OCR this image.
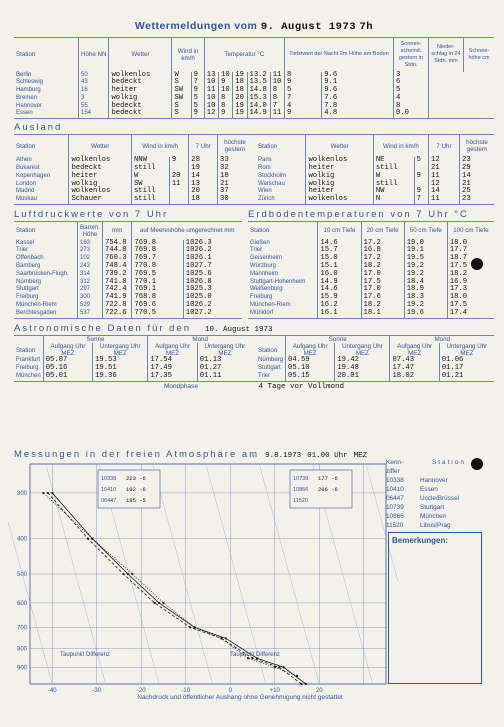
Wettermeldungen vom 9. August 1973 7h
Station	Höhe NN	Wetter	Wind in km/h		Temperatur °C					Tiefstwert der Nacht 2m Höhe am Boden		Sonnen-scheind. gestern in Stdn.	Nieder-schlag in 24 Stdn. mm	Schnee-höhe cm
Berlin	50	wolkenlos	W	9	13	10	19	13.2	11	8	9.6	3		
Schleswig	43	bedeckt	S	7	10	9	18	13.5	10	9	9.1	6		
Hamburg	16	heiter	SW	9	11	10	18	14.8	8	5	9.6	5		
Bremen	3	wolkig	SW	5	10	8	20	15.3	8	7	7.6	4		
Hannover	55	bedeckt	S	5	10	8	19	14.0	7	4	7.8	8		
Essen	154	bedeckt	S	9	12	9	19	14.9	11	9	4.8	0.0		
Ausland
Station	Wetter	Wind in km/h		7 Uhr	höchste gestern
Athen	wolkenlos	NNW	9	28	33
Bukarest	bedeckt	still		19	32
Kopenhagen	heiter	W	20	14	18
London	wolkig	SW	11	13	21
Madrid	wolkenlos	still		20	37
Moskau	Schauer	still		18	30
Station	Wetter	Wind in km/h		7 Uhr	höchste gestern
Paris	wolkenlos	NE	5	12	23
Rom	heiter	still		21	29
Stockholm	wolkig	W	9	11	14
Warschau	wolkig	still		12	21
Wien	heiter	NW	9	14	25
Zürich	wolkenlos	N	7	11	23
Luftdruckwerte von 7 Uhr
Station	Barom. Höhe	mm	auf Meereshöhe umgerechnet mm	
Kassel	163	754.8	769.8	1026.3
Trier	273	744.8	769.8	1026.2
Offenbach	102	760.3	769.7	1026.1
Bamberg	243	748.4	770.8	1027.7
Saarbrücken-Flugh.	314	739.2	769.5	1025.6
Nürnberg	312	741.8	770.1	1026.8
Stuttgart	297	742.4	769.1	1025.3
Freiburg	300	741.9	768.8	1025.0
München-Riem	529	722.8	769.6	1026.2
Berchtesgaden	537	722.6	770.5	1027.2
Erdbodentemperaturen von 7 Uhr °C
Station	10 cm Tiefe	20 cm Tiefe	50 cm Tiefe	100 cm Tiefe
Gießen	14.6	17.2	19.0	18.0
Trier	15.7	16.8	19.1	17.7
Geisenheim	15.0	17.2	19.5	18.7
Würzburg	15.1	18.2	19.2	17.5
Mannheim	16.0	17.0	19.2	18.2
Stuttgart-Hohenheim	14.9	17.5	18.4	16.9
Weißenburg	14.6	17.0	18.9	17.3
Freiburg	15.9	17.6	18.3	18.0
München-Riem	16.2	18.2	19.2	17.5
Mühldorf	16.1	18.1	19.6	17.4
Astronomische Daten für den 10. August 1973
	Sonne		Mond	
Station	Aufgang Uhr MEZ	Untergang Uhr MEZ	Aufgang Uhr MEZ	Untergang Uhr MEZ
Frankfurt	05.07	19.53	17.54	01.13
Freiburg	05.16	19.51	17.49	01.27
München	05.01	19.36	17.35	01.11
	Sonne		Mond	
Station	Aufgang Uhr MEZ	Untergang Uhr MEZ	Aufgang Uhr MEZ	Untergang Uhr MEZ
Nürnberg	04.59	19.42	07.43	01.06
Stuttgart	05.10	19.48	17.47	01.17
Trier	05.15	20.01	18.02	01.21
Mondphase	4 Tage vor Vollmond
Messungen in der freien Atmosphäre am 9.8.1973 01.00 Uhr MEZ
300
400
500
600
700
800
900
-40	-30	-20	-10	0	+10	20
Taupunkt Differenz	Taupunkt Differenz
10338 223 -6
10410 192 -6
06447 195 -5
10739 177 -6
10866 206 -6
11520
Kenn-ziffer
Station
10338	Hannover
10410	Essen
06447	Uccle/Brüssel
10739	Stuttgart
10866	München
11520	Libus/Prag
Bemerkungen:
Nachdruck und öffentlicher Aushang ohne Genehmigung nicht gestattet
